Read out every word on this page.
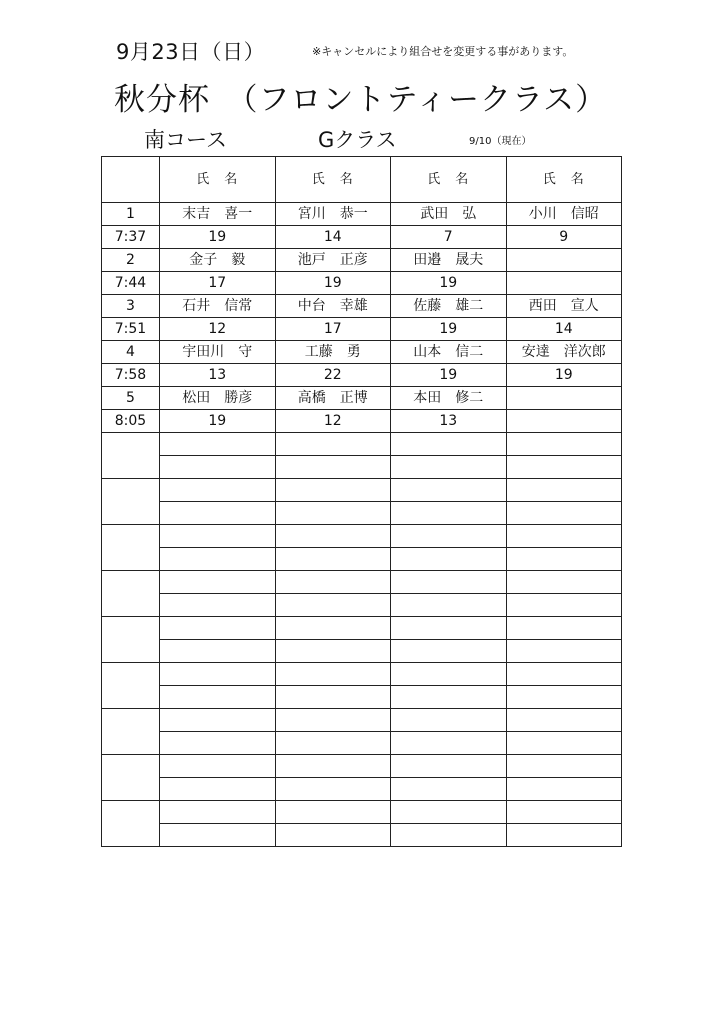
9月23日（日）	※キャンセルにより組合せを変更する事があります。
秋分杯　（フロントティークラス）
南コース	Gクラス	9/10（現在）
	氏　名	氏　名	氏　名	氏　名
1	末吉　喜一	宮川　恭一	武田　弘	小川　信昭
7:37	19	14	7	9
2	金子　毅	池戸　正彦	田邉　晟夫	
7:44	17	19	19	
3	石井　信常	中台　幸雄	佐藤　雄二	西田　宣人
7:51	12	17	19	14
4	宇田川　守	工藤　勇	山本　信二	安達　洋次郎
7:58	13	22	19	19
5	松田　勝彦	高橋　正博	本田　修二	
8:05	19	12	13	
